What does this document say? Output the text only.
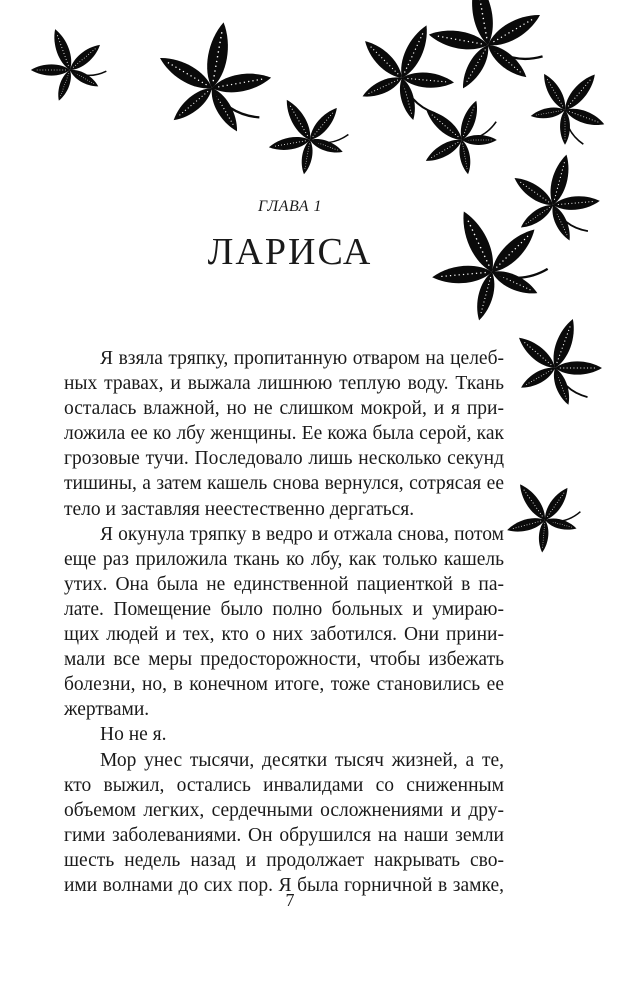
ГЛАВА 1
ЛАРИСА
Я взяла тряпку, пропитанную отваром на целеб-
ных травах, и выжала лишнюю теплую воду. Ткань
осталась влажной, но не слишком мокрой, и я при-
ложила ее ко лбу женщины. Ее кожа была серой, как
грозовые тучи. Последовало лишь несколько секунд
тишины, а затем кашель снова вернулся, сотрясая ее
тело и заставляя неестественно дергаться.
Я окунула тряпку в ведро и отжала снова, потом
еще раз приложила ткань ко лбу, как только кашель
утих. Она была не единственной пациенткой в па-
лате. Помещение было полно больных и умираю-
щих людей и тех, кто о них заботился. Они прини-
мали все меры предосторожности, чтобы избежать
болезни, но, в конечном итоге, тоже становились ее
жертвами.
Но не я.
Мор унес тысячи, десятки тысяч жизней, а те,
кто выжил, остались инвалидами со сниженным
объемом легких, сердечными осложнениями и дру-
гими заболеваниями. Он обрушился на наши земли
шесть недель назад и продолжает накрывать сво-
ими волнами до сих пор. Я была горничной в замке,
7
